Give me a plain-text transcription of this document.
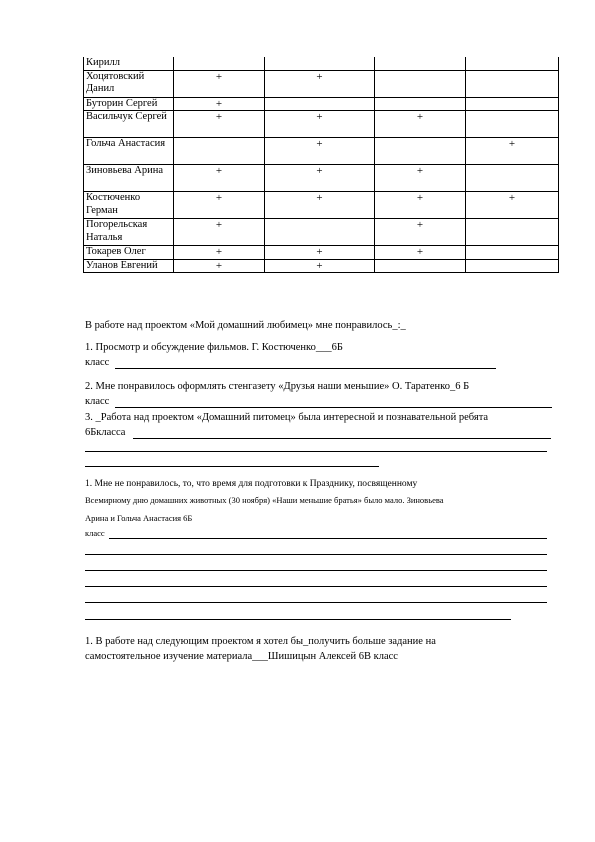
Кирилл				
Хоцятовский Данил	+	+		
Буторин Сергей	+			
Васильчук Сергей	+	+	+	
Гольча Анастасия		+		+
Зиновьева Арина	+	+	+	
Костюченко Герман	+	+	+	+
Погорельская Наталья	+		+	
Токарев Олег	+	+	+	
Уланов Евгений	+	+		
В работе над проектом «Мой домашний любимец» мне понравилось_:_
1. Просмотр и обсуждение фильмов. Г. Костюченко___6Б
класс
2. Мне понравилось оформлять стенгазету «Друзья наши меньшие» О. Таратенко_6 Б
класс
3. _Работа над проектом «Домашний питомец» была интересной и познавательной ребята
6Бкласса
1. Мне не понравилось, то, что время для подготовки к Празднику, посвященному
Всемирному дню домашних животных (30 ноября) «Наши меньшие братья» было мало. Зиновьева
Арина и Гольча Анастасия 6Б
класс
1. В работе над следующим проектом я хотел бы_получить больше задание на
самостоятельное изучение материала___Шишицын Алексей 6В класс
